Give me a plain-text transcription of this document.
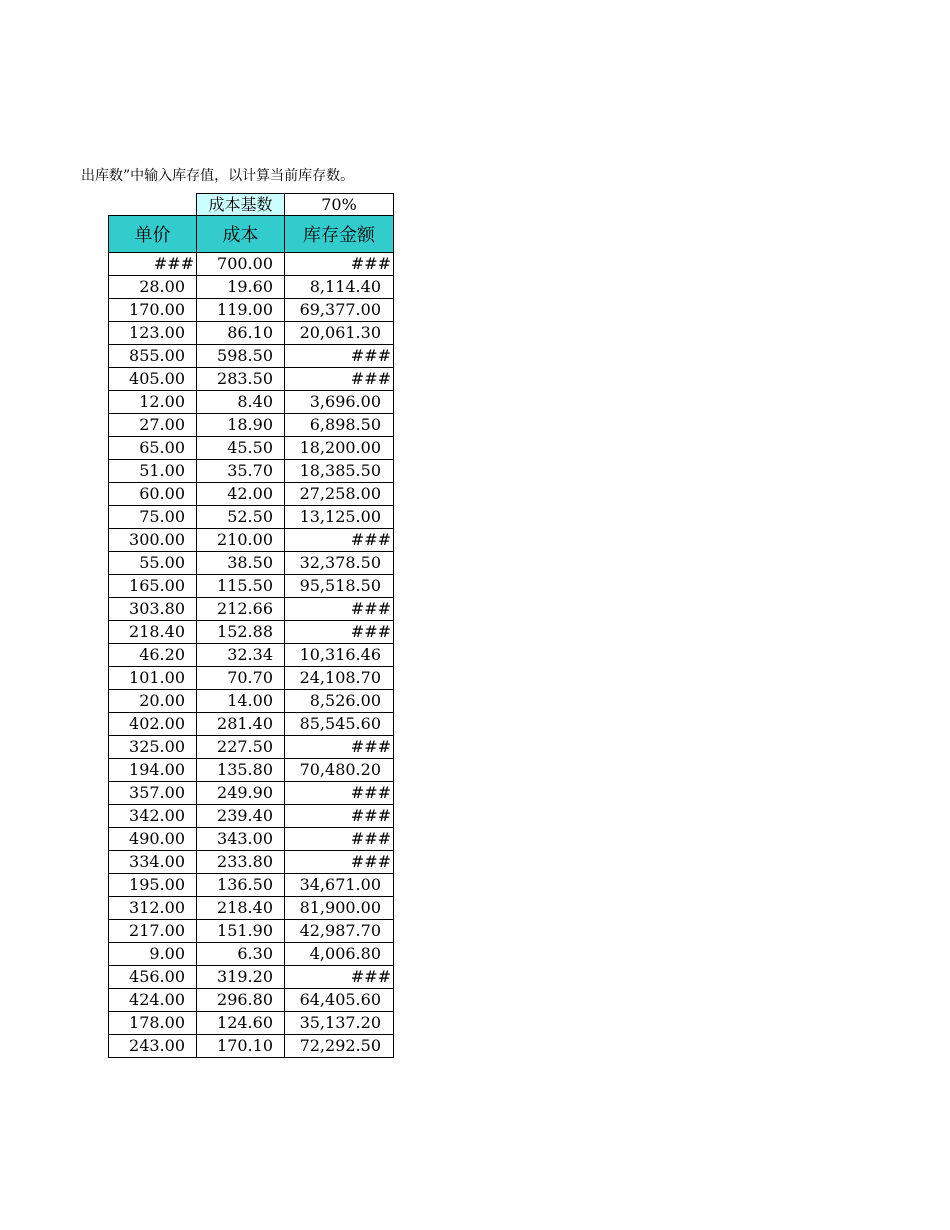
出库数”中输入库存值，以计算当前库存数。
	成本基数	70%
单价	成本	库存金额
###	700.00	###
28.00	19.60	8,114.40
170.00	119.00	69,377.00
123.00	86.10	20,061.30
855.00	598.50	###
405.00	283.50	###
12.00	8.40	3,696.00
27.00	18.90	6,898.50
65.00	45.50	18,200.00
51.00	35.70	18,385.50
60.00	42.00	27,258.00
75.00	52.50	13,125.00
300.00	210.00	###
55.00	38.50	32,378.50
165.00	115.50	95,518.50
303.80	212.66	###
218.40	152.88	###
46.20	32.34	10,316.46
101.00	70.70	24,108.70
20.00	14.00	8,526.00
402.00	281.40	85,545.60
325.00	227.50	###
194.00	135.80	70,480.20
357.00	249.90	###
342.00	239.40	###
490.00	343.00	###
334.00	233.80	###
195.00	136.50	34,671.00
312.00	218.40	81,900.00
217.00	151.90	42,987.70
9.00	6.30	4,006.80
456.00	319.20	###
424.00	296.80	64,405.60
178.00	124.60	35,137.20
243.00	170.10	72,292.50
